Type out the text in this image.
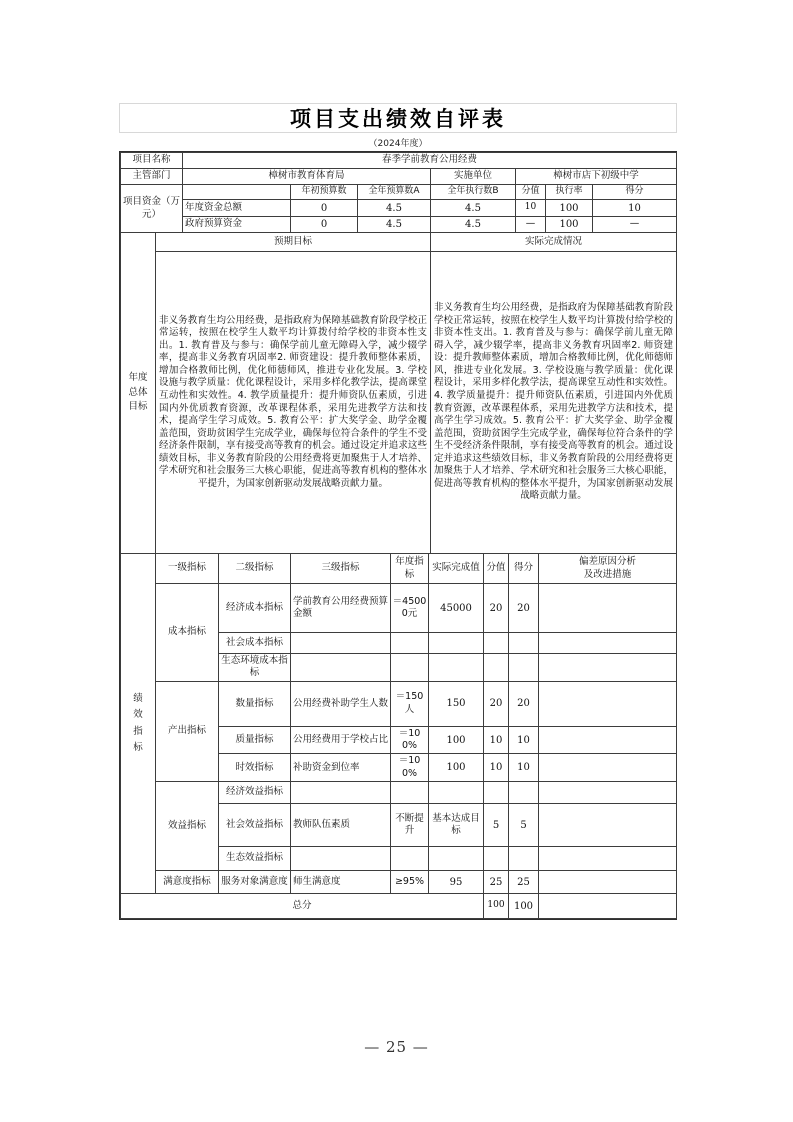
项目支出绩效自评表
（2024年度）
项目名称	春季学前教育公用经费						
主管部门	樟树市教育体育局			实施单位	樟树市店下初级中学		
项目资金（万元）		年初预算数	全年预算数A	全年执行数B	分值	执行率	得分
	年度资金总额	0	4.5	4.5	10	100	10
	政府预算资金	0	4.5	4.5	—	100	—
年度总体目标	预期目标	实际完成情况
非义务教育生均公用经费，是指政府为保障基础教育阶段学校正常运转，按照在校学生人数平均计算拨付给学校的非资本性支出。1. 教育普及与参与：确保学前儿童无障碍入学，减少辍学率，提高非义务教育巩固率2. 师资建设：提升教师整体素质，增加合格教师比例，优化师德师风，推进专业化发展。3. 学校设施与教学质量：优化课程设计，采用多样化教学法，提高课堂互动性和实效性。4. 教学质量提升：提升师资队伍素质，引进国内外优质教育资源，改革课程体系，采用先进教学方法和技术，提高学生学习成效。5. 教育公平：扩大奖学金、助学金覆盖范围，资助贫困学生完成学业，确保每位符合条件的学生不受经济条件限制，享有接受高等教育的机会。通过设定并追求这些绩效目标，非义务教育阶段的公用经费将更加聚焦于人才培养、学术研究和社会服务三大核心职能，促进高等教育机构的整体水平提升，为国家创新驱动发展战略贡献力量。	非义务教育生均公用经费，是指政府为保障基础教育阶段学校正常运转，按照在校学生人数平均计算拨付给学校的非资本性支出。1. 教育普及与参与：确保学前儿童无障碍入学，减少辍学率，提高非义务教育巩固率2. 师资建设：提升教师整体素质，增加合格教师比例，优化师德师风，推进专业化发展。3. 学校设施与教学质量：优化课程设计，采用多样化教学法，提高课堂互动性和实效性。4. 教学质量提升：提升师资队伍素质，引进国内外优质教育资源，改革课程体系，采用先进教学方法和技术，提高学生学习成效。5. 教育公平：扩大奖学金、助学金覆盖范围，资助贫困学生完成学业，确保每位符合条件的学生不受经济条件限制，享有接受高等教育的机会。通过设定并追求这些绩效目标，非义务教育阶段的公用经费将更加聚焦于人才培养、学术研究和社会服务三大核心职能，促进高等教育机构的整体水平提升，为国家创新驱动发展战略贡献力量。
绩效指标	一级指标	二级指标	三级指标	年度指标	实际完成值	分值	得分	偏差原因分析及改进措施
	成本指标	经济成本指标	学前教育公用经费预算金额	＝45000元	45000	20	20	
		社会成本指标						
		生态环境成本指标						
	产出指标	数量指标	公用经费补助学生人数	＝150人	150	20	20	
		质量指标	公用经费用于学校占比	＝100%	100	10	10	
		时效指标	补助资金到位率	＝100%	100	10	10	
	效益指标	经济效益指标						
		社会效益指标	教师队伍素质	不断提升	基本达成目标	5	5	
		生态效益指标						
	满意度指标	服务对象满意度	师生满意度	≥95%	95	25	25	
总分						100	100	
— 25 —
